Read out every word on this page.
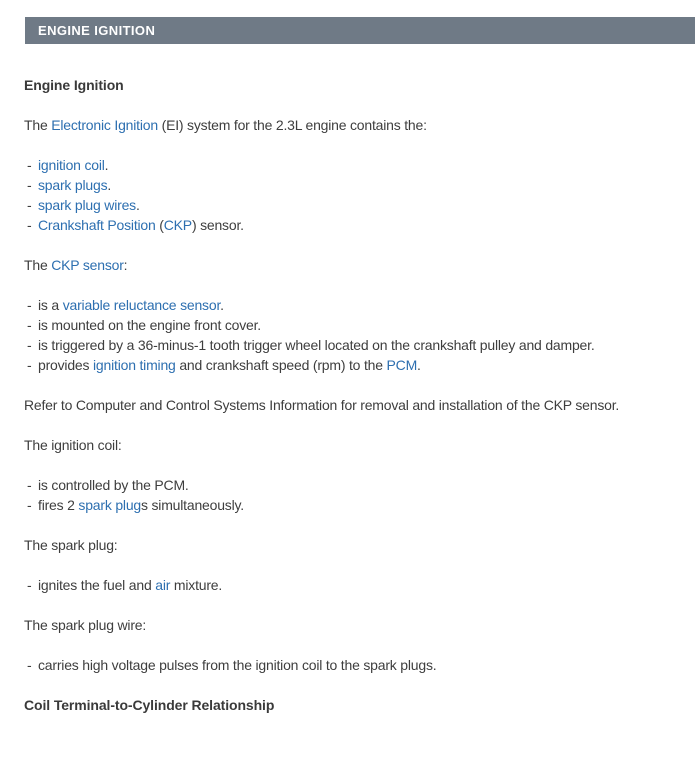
ENGINE IGNITION
Engine Ignition

The Electronic Ignition (EI) system for the 2.3L engine contains the:

- ignition coil.
- spark plugs.
- spark plug wires.
- Crankshaft Position (CKP) sensor.

The CKP sensor:

- is a variable reluctance sensor.
- is mounted on the engine front cover.
- is triggered by a 36-minus-1 tooth trigger wheel located on the crankshaft pulley and damper.
- provides ignition timing and crankshaft speed (rpm) to the PCM.

Refer to Computer and Control Systems Information for removal and installation of the CKP sensor.

The ignition coil:

- is controlled by the PCM.
- fires 2 spark plugs simultaneously.

The spark plug:

- ignites the fuel and air mixture.

The spark plug wire:

- carries high voltage pulses from the ignition coil to the spark plugs.
Coil Terminal-to-Cylinder Relationship
